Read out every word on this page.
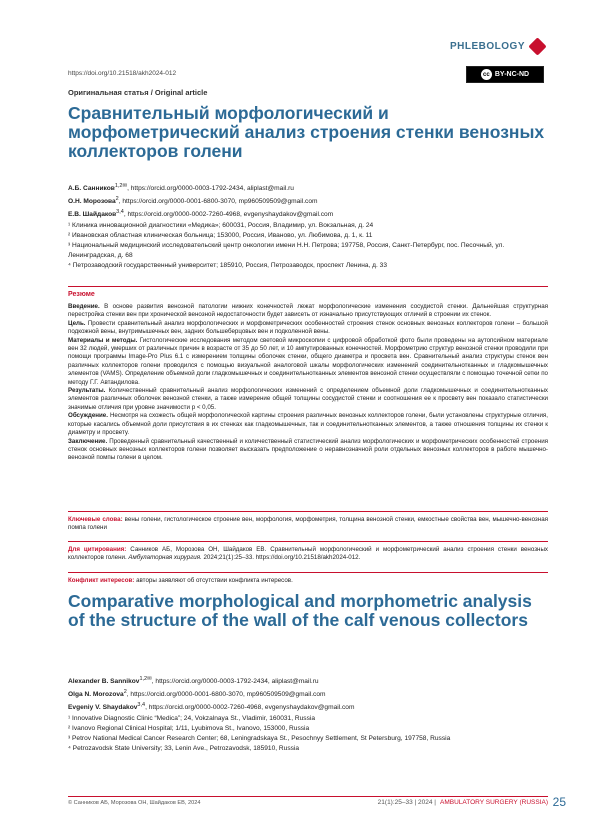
PHLEBOLOGY
https://doi.org/10.21518/akh2024-012	cc BY-NC-ND
Оригинальная статья / Original article
Сравнительный морфологический и морфометрический анализ строения стенки венозных коллекторов голени
А.Б. Санников$^{1,2✉}$, https://orcid.org/0000-0003-1792-2434, aliplast@mail.ru
О.Н. Морозова$^2$, https://orcid.org/0000-0001-6800-3070, mp960509509@gmail.com
Е.В. Шайдаков$^{3,4}$, https://orcid.org/0000-0002-7260-4968, evgenyshaydakov@gmail.com
¹ Клиника инновационной диагностики «Медика»; 600031, Россия, Владимир, ул. Вокзальная, д. 24
² Ивановская областная клиническая больница; 153000, Россия, Иваново, ул. Любимова, д. 1, к. 11
³ Национальный медицинский исследовательский центр онкологии имени Н.Н. Петрова; 197758, Россия, Санкт-Петербург, пос. Песочный, ул. Ленинградская, д. 68
⁴ Петрозаводский государственный университет; 185910, Россия, Петрозаводск, проспект Ленина, д. 33
Резюме

Введение. В основе развития венозной патологии нижних конечностей лежат морфологические изменения сосудистой стенки. Дальнейшая структурная перестройка стенки вен при хронической венозной недостаточности будет зависеть от изначально присутствующих отличий в строении их стенок.

Цель. Провести сравнительный анализ морфологических и морфометрических особенностей строения стенок основных венозных коллекторов голени – большой подкожной вены, внутримышечных вен, задних большеберцовых вен и подколенной вены.

Материалы и методы. Гистологические исследования методом световой микроскопии с цифровой обработкой фото были проведены на аутопсийном материале вен 32 людей, умерших от различных причин в возрасте от 35 до 50 лет, и 10 ампутированных конечностей. Морфометрию структур венозной стенки проводили при помощи программы Image-Pro Plus 6.1 с измерением толщины оболочек стенки, общего диаметра и просвета вен. Сравнительный анализ структуры стенок вен различных коллекторов голени проводился с помощью визуальной аналоговой шкалы морфологических изменений соединительнотканных и гладкомышечных элементов (VAMS). Определение объемной доли гладкомышечных и соединительнотканных элементов венозной стенки осуществляли с помощью точечной сетки по методу Г.Г. Автандилова.

Результаты. Количественный сравнительный анализ морфологических изменений с определением объемной доли гладкомышечных и соединительнотканных элементов различных оболочек венозной стенки, а также измерение общей толщины сосудистой стенки и соотношения ее к просвету вен показало статистически значимые отличия при уровне значимости p < 0,05.

Обсуждение. Несмотря на схожесть общей морфологической картины строения различных венозных коллекторов голени, были установлены структурные отличия, которые касались объемной доли присутствия в их стенках как гладкомышечных, так и соединительнотканных элементов, а также отношения толщины их стенки к диаметру и просвету.

Заключение. Проведенный сравнительный качественный и количественный статистический анализ морфологических и морфометрических особенностей строения стенок основных венозных коллекторов голени позволяет высказать предположение о неравнозначной роли отдельных венозных коллекторов в работе мышечно-венозной помпы голени в целом.

Ключевые слова: вены голени, гистологическое строение вен, морфология, морфометрия, толщина венозной стенки, емкостные свойства вен, мышечно-венозная помпа голени

Для цитирования: Санников АБ, Морозова ОН, Шайдаков ЕВ. Сравнительный морфологический и морфометрический анализ строения стенки венозных коллекторов голени. Амбулаторная хирургия. 2024;21(1):25–33. https://doi.org/10.21518/akh2024-012.

Конфликт интересов: авторы заявляют об отсутствии конфликта интересов.

Comparative morphological and morphometric analysis of the structure of the wall of the calf venous collectors
Alexander B. Sannikov$^{1,2✉}$, https://orcid.org/0000-0003-1792-2434, aliplast@mail.ru
Olga N. Morozova$^2$, https://orcid.org/0000-0001-6800-3070, mp960509509@gmail.com
Evgeniy V. Shaydakov$^{3,4}$, https://orcid.org/0000-0002-7260-4968, evgenyshaydakov@gmail.com
¹ Innovative Diagnostic Clinic “Medica”; 24, Vokzalnaya St., Vladimir, 160031, Russia
² Ivanovo Regional Clinical Hospital; 1/11, Lyubimova St., Ivanovo, 153000, Russia
³ Petrov National Medical Cancer Research Center; 68, Leningradskaya St., Pesochnyy Settlement, St Petersburg, 197758, Russia
⁴ Petrozavodsk State University; 33, Lenin Ave., Petrozavodsk, 185910, Russia
© Санников АБ, Морозова ОН, Шайдаков ЕВ, 2024	21(1):25–33 | 2024 | AMBULATORY SURGERY (RUSSIA) 25
